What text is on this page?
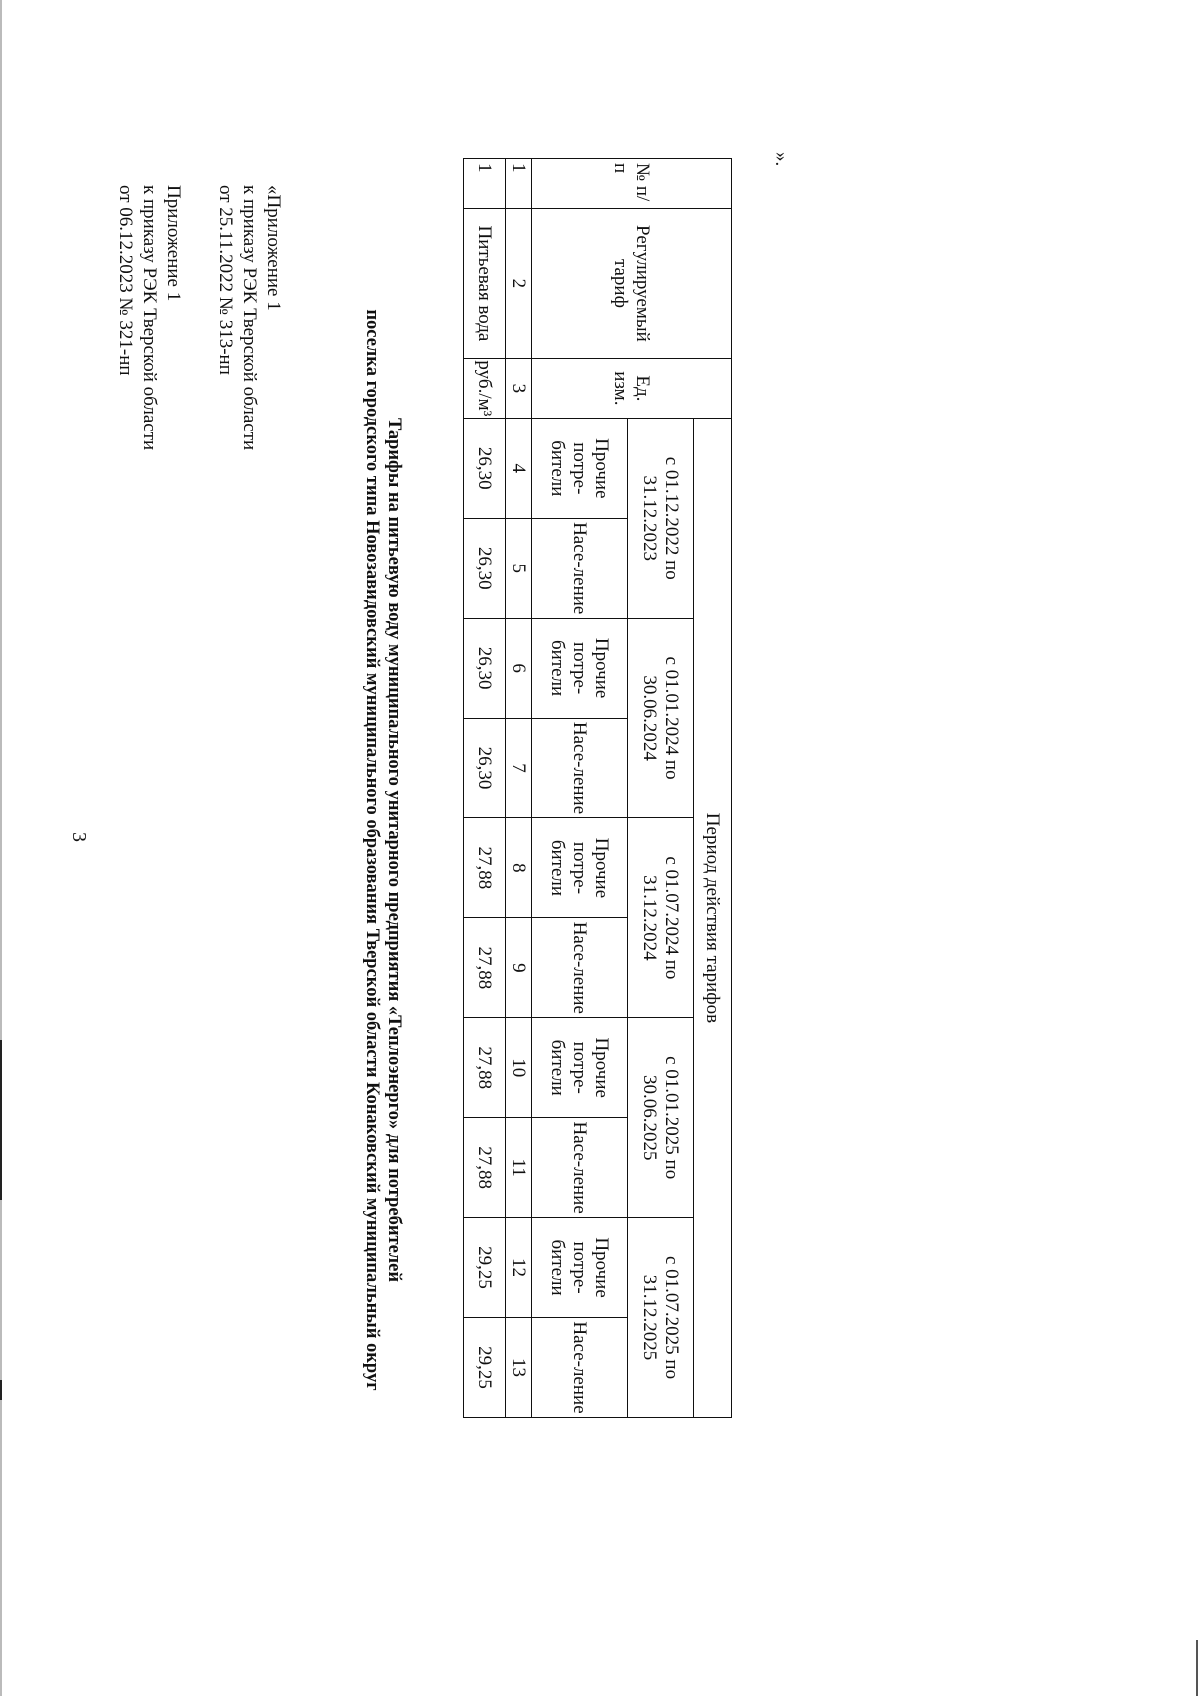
3
Приложение 1
к приказу РЭК Тверской области
от 06.12.2023 № 321-нп	«Приложение 1
к приказу РЭК Тверской области
от 25.11.2022 № 313-нп
Тарифы на питьевую воду муниципального унитарного предприятия «Теплоэнерго» для потребителей
поселка городского типа Новозавидовский муниципального образования Тверской области Конаковский муниципальный округ
№ п/п	Регулируемый тариф	Ед. изм.	Период действия тарифов									
			с 01.12.2022 по 31.12.2023		с 01.01.2024 по 30.06.2024		с 01.07.2024 по 31.12.2024		с 01.01.2025 по 30.06.2025		с 01.07.2025 по 31.12.2025	
			Прочие потре-бители	Насе-ление	Прочие потре-бители	Насе-ление	Прочие потре-бители	Насе-ление	Прочие потре-бители	Насе-ление	Прочие потре-бители	Насе-ление
1	2	3	4	5	6	7	8	9	10	11	12	13
1	Питьевая вода	руб./м³	26,30	26,30	26,30	26,30	27,88	27,88	27,88	27,88	29,25	29,25
».
